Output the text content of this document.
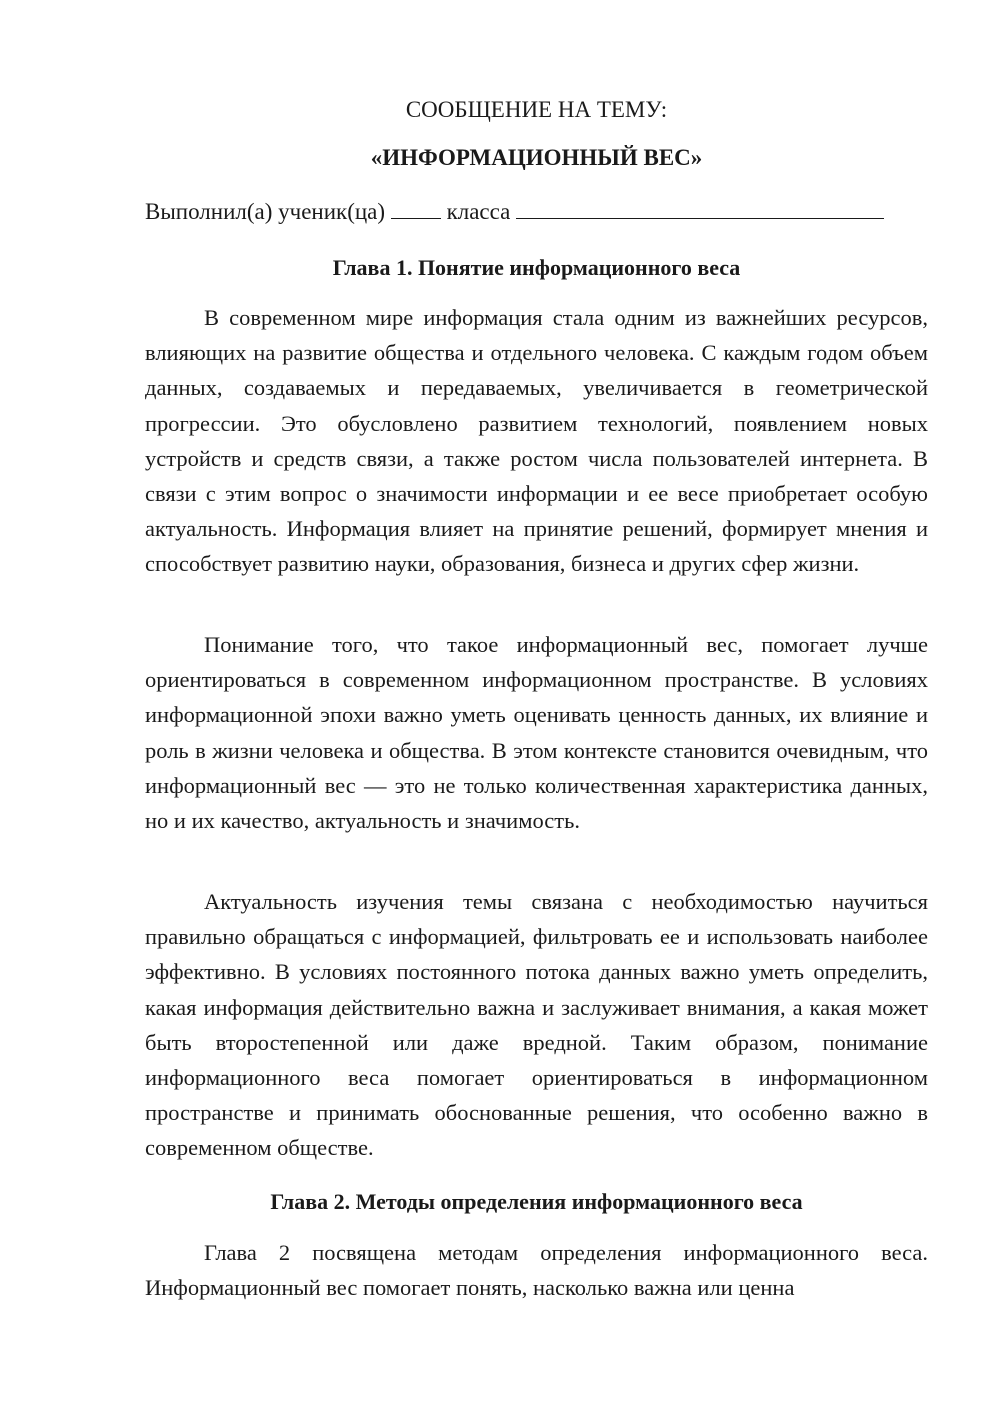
СООБЩЕНИЕ НА ТЕМУ:
«ИНФОРМАЦИОННЫЙ ВЕС»
Выполнил(а) ученик(ца)	класса
Глава 1. Понятие информационного веса

В современном мире информация стала одним из важнейших ресурсов, влияющих на развитие общества и отдельного человека. С каждым годом объем данных, создаваемых и передаваемых, увеличивается в геометрической прогрессии. Это обусловлено развитием технологий, появлением новых устройств и средств связи, а также ростом числа пользователей интернета. В связи с этим вопрос о значимости информации и ее весе приобретает особую актуальность. Информация влияет на принятие решений, формирует мнения и способствует развитию науки, образования, бизнеса и других сфер жизни.

Понимание того, что такое информационный вес, помогает лучше ориентироваться в современном информационном пространстве. В условиях информационной эпохи важно уметь оценивать ценность данных, их влияние и роль в жизни человека и общества. В этом контексте становится очевидным, что информационный вес — это не только количественная характеристика данных, но и их качество, актуальность и значимость.

Актуальность изучения темы связана с необходимостью научиться правильно обращаться с информацией, фильтровать ее и использовать наиболее эффективно. В условиях постоянного потока данных важно уметь определить, какая информация действительно важна и заслуживает внимания, а какая может быть второстепенной или даже вредной. Таким образом, понимание информационного веса помогает ориентироваться в информационном пространстве и принимать обоснованные решения, что особенно важно в современном обществе.

Глава 2. Методы определения информационного веса

Глава 2 посвящена методам определения информационного веса. Информационный вес помогает понять, насколько важна или ценна
